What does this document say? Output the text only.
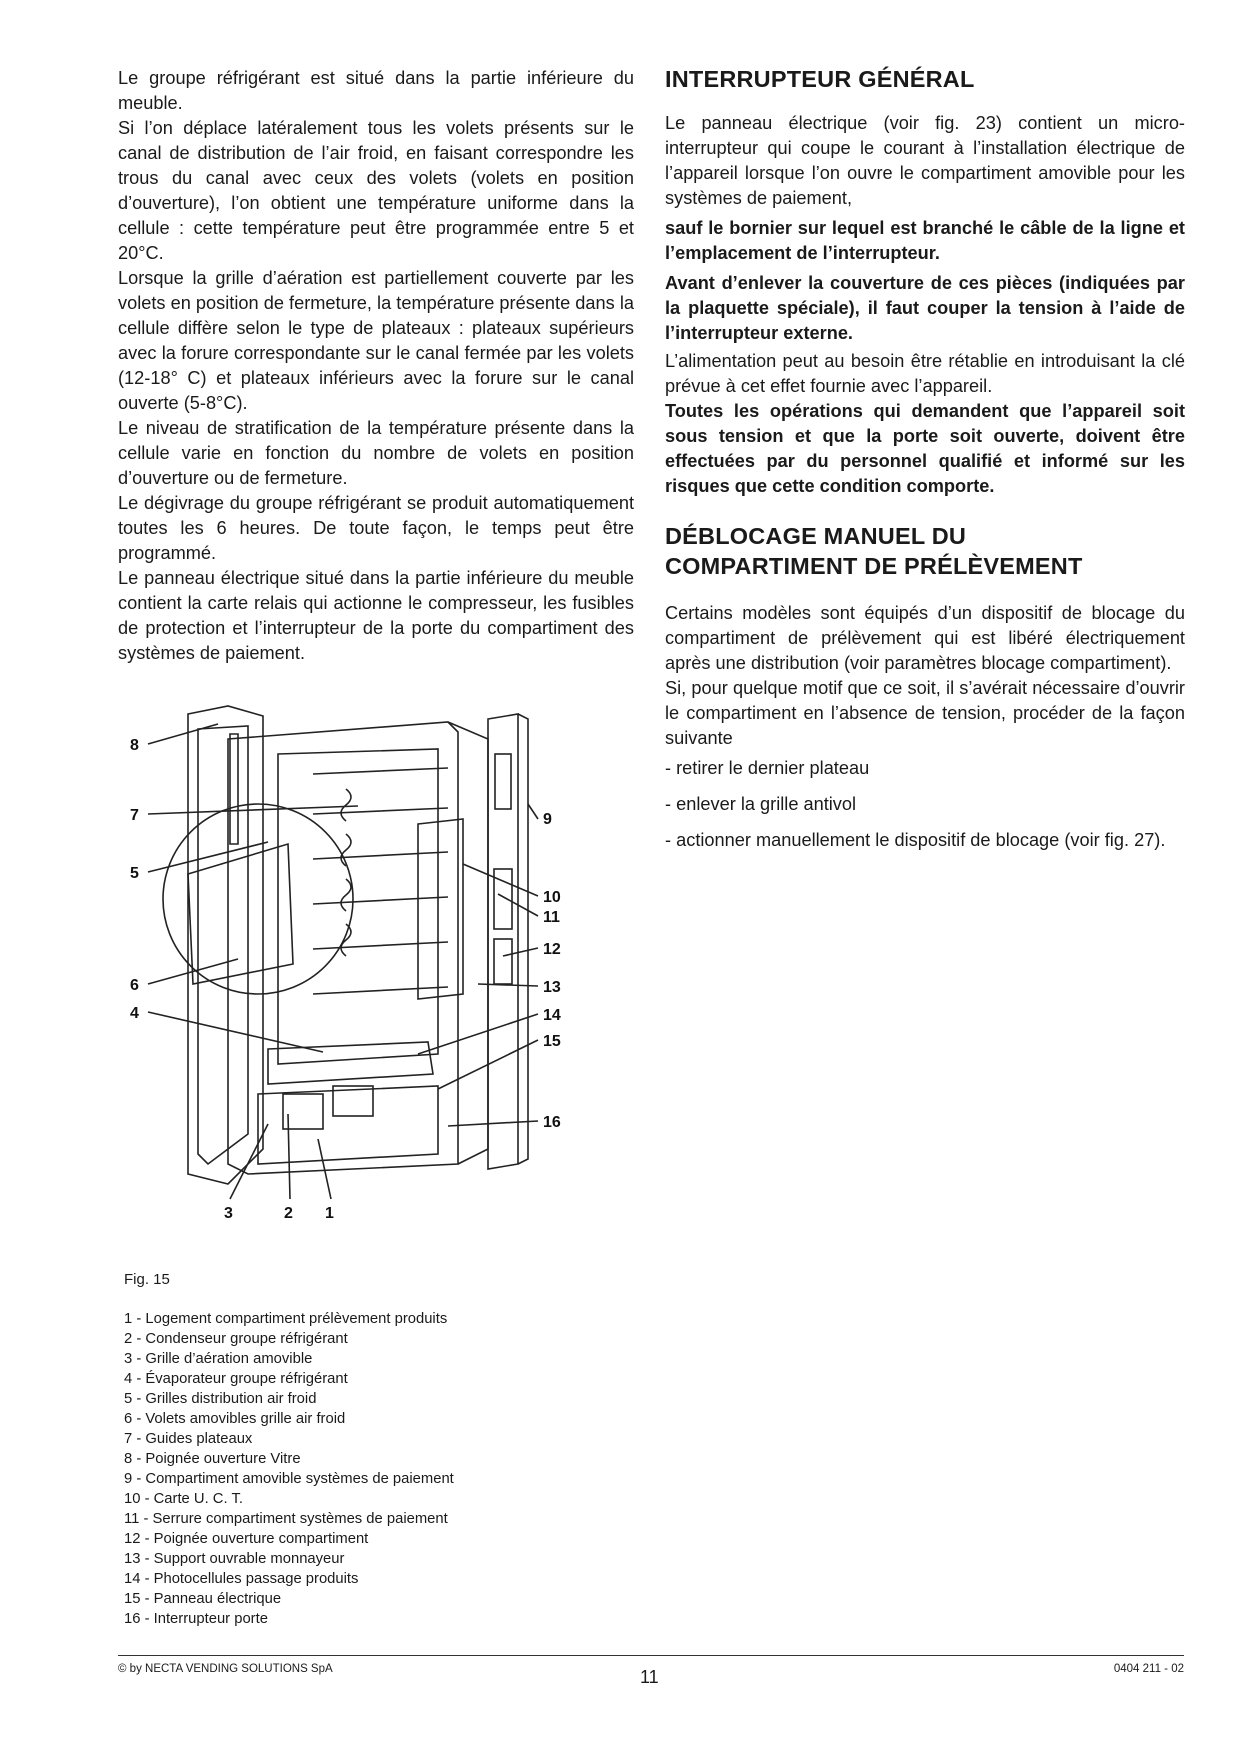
Le groupe réfrigérant est situé dans la partie inférieure du meuble.

Si l’on déplace latéralement tous les volets présents sur le canal de distribution de l’air froid, en faisant correspondre les trous du canal avec ceux des volets (volets en position d’ouverture), l’on obtient une température uniforme dans la cellule : cette température peut être programmée entre 5 et 20°C.

Lorsque la grille d’aération est partiellement couverte par les volets en position de fermeture, la température présente dans la cellule diffère selon le type de plateaux : plateaux supérieurs avec la forure correspondante sur le canal fermée par les volets (12-18° C) et plateaux inférieurs avec la forure sur le canal ouverte (5-8°C).

Le niveau de stratification de la température présente dans la cellule varie en fonction du nombre de volets en position d’ouverture ou de fermeture.

Le dégivrage du groupe réfrigérant se produit automatiquement toutes les 6 heures. De toute façon, le temps peut être programmé.

Le panneau électrique situé dans la partie inférieure du meuble contient la carte relais qui actionne le compresseur, les fusibles de protection et l’interrupteur de la porte du compartiment des systèmes de paiement.

INTERRUPTEUR GÉNÉRAL

Le panneau électrique (voir fig. 23) contient un micro-interrupteur qui coupe le courant à l’installation électrique de l’appareil lorsque l’on ouvre le compartiment amovible pour les systèmes de paiement,

sauf le bornier sur lequel est branché le câble de la ligne et l’emplacement de l’interrupteur.

Avant d’enlever la couverture de ces pièces (indiquées par la plaquette spéciale), il faut couper la tension à l’aide de l’interrupteur externe.

L’alimentation peut au besoin être rétablie en introduisant la clé prévue à cet effet fournie avec l’appareil.

Toutes les opérations qui demandent que l’appareil soit sous tension et que la porte soit ouverte, doivent être effectuées par du personnel qualifié et informé sur les risques que cette condition comporte.

DÉBLOCAGE MANUEL DU
COMPARTIMENT DE PRÉLÈVEMENT

Certains modèles sont équipés d’un dispositif de blocage du compartiment de prélèvement qui est libéré électriquement après une distribution (voir paramètres blocage compartiment).

Si, pour quelque motif que ce soit, il s’avérait nécessaire d’ouvrir le compartiment en l’absence de tension, procéder de la façon suivante

- retirer le dernier plateau

- enlever la grille antivol

- actionner manuellement le dispositif de blocage (voir fig. 27).

8
7
5
6
4
3	2 1
9
10
11
12
13
14
15
16
Fig. 15
1 - Logement compartiment prélèvement produits
2 - Condenseur groupe réfrigérant
3 - Grille d’aération amovible
4 - Évaporateur groupe réfrigérant
5 - Grilles distribution air froid
6 - Volets amovibles grille air froid
7 - Guides plateaux
8 - Poignée ouverture Vitre
9 - Compartiment amovible systèmes de paiement
10 - Carte U. C. T.
11 - Serrure compartiment systèmes de paiement
12 - Poignée ouverture compartiment
13 - Support ouvrable monnayeur
14 - Photocellules passage produits
15 - Panneau électrique
16 - Interrupteur porte
© by NECTA VENDING SOLUTIONS SpA	11	0404 211 - 02
